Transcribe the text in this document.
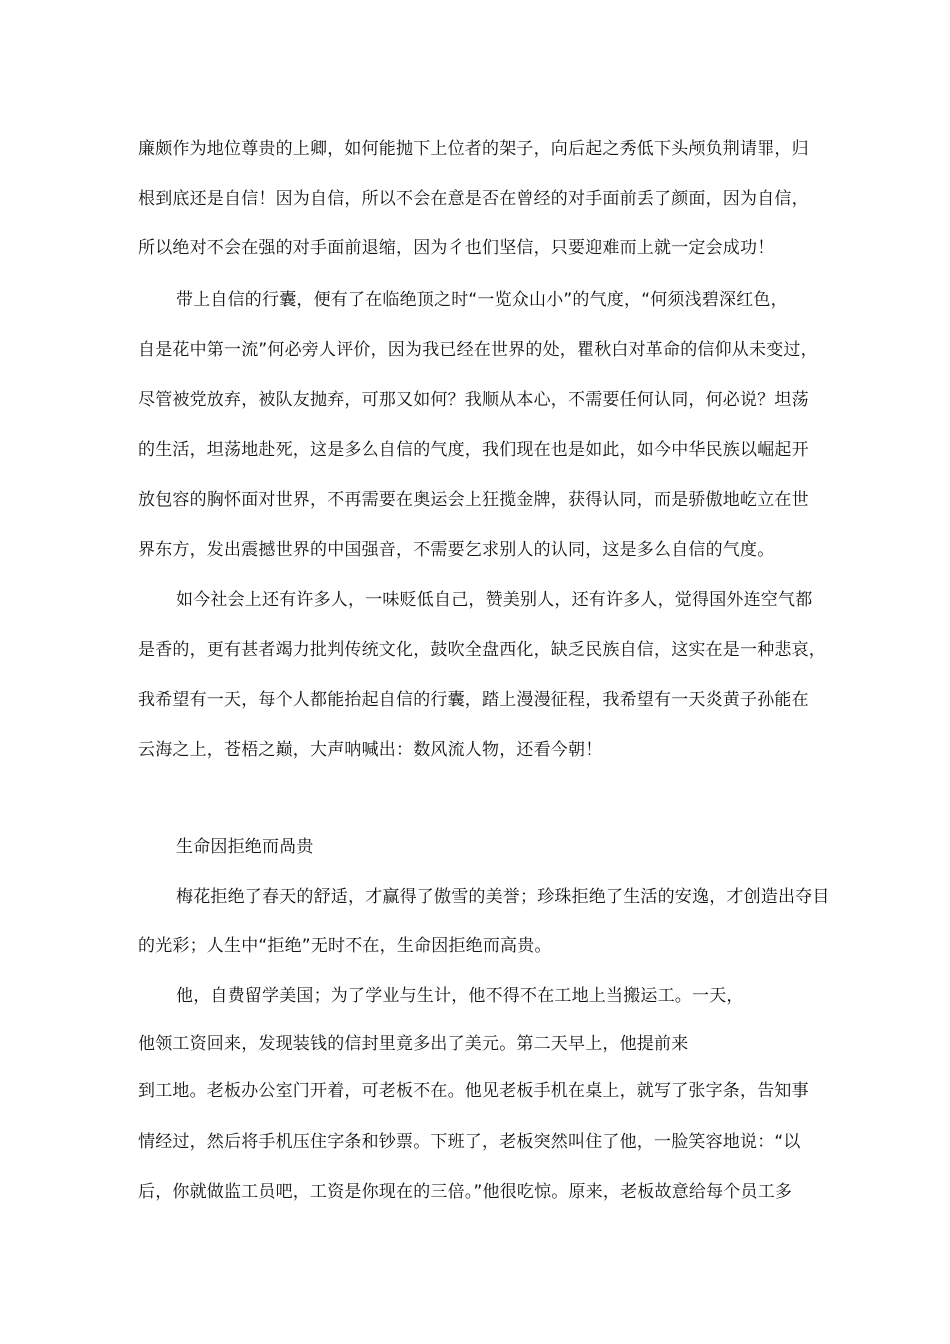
廉颇作为地位尊贵的上卿，如何能抛下上位者的架子，向后起之秀低下头颅负荆请罪，归
根到底还是自信！因为自信，所以不会在意是否在曾经的对手面前丢了颜面，因为自信，
所以绝对不会在强的对手面前退缩，因为彳也们坚信，只要迎难而上就一定会成功！
带上自信的行囊，便有了在临绝顶之时“一览众山小”的气度，“何须浅碧深红色，
自是花中第一流”何必旁人评价，因为我已经在世界的处，瞿秋白对革命的信仰从未变过，
尽管被党放弃，被队友抛弃，可那又如何？我顺从本心，不需要任何认同，何必说？坦荡
的生活，坦荡地赴死，这是多么自信的气度，我们现在也是如此，如今中华民族以崛起开
放包容的胸怀面对世界，不再需要在奥运会上狂揽金牌，获得认同，而是骄傲地屹立在世
界东方，发出震撼世界的中国强音，不需要乞求别人的认同，这是多么自信的气度。
如今社会上还有许多人，一味贬低自己，赞美别人，还有许多人，觉得国外连空气都
是香的，更有甚者竭力批判传统文化，鼓吹全盘西化，缺乏民族自信，这实在是一种悲哀，
我希望有一天，每个人都能抬起自信的行囊，踏上漫漫征程，我希望有一天炎黄子孙能在
云海之上，苍梧之巅，大声呐喊出：数风流人物，还看今朝！
生命因拒绝而咼贵
梅花拒绝了春天的舒适，才赢得了傲雪的美誉；珍珠拒绝了生活的安逸，才创造出夺目
的光彩；人生中“拒绝”无时不在，生命因拒绝而高贵。
他，自费留学美国；为了学业与生计，他不得不在工地上当搬运工。一天，
他领工资回来，发现装钱的信封里竟多出了美元。第二天早上，他提前来
到工地。老板办公室门开着，可老板不在。他见老板手机在桌上，就写了张字条，告知事
情经过，然后将手机压住字条和钞票。下班了，老板突然叫住了他，一脸笑容地说：“以
后，你就做监工员吧，工资是你现在的三倍。”他很吃惊。原来，老板故意给每个员工多
